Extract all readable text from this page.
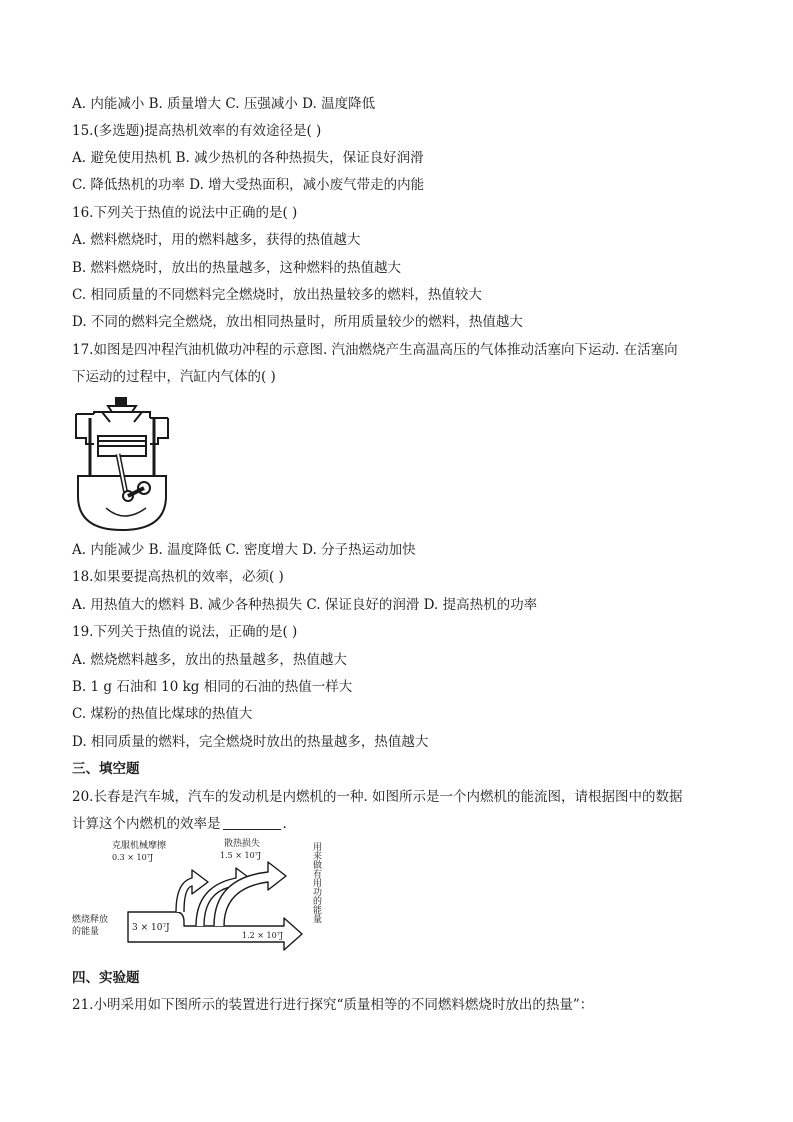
A. 内能减小 B. 质量增大 C. 压强减小 D. 温度降低
15.(多选题)提高热机效率的有效途径是( )
A. 避免使用热机 B. 减少热机的各种热损失，保证良好润滑
C. 降低热机的功率 D. 增大受热面积，减小废气带走的内能
16.下列关于热值的说法中正确的是( )
A. 燃料燃烧时，用的燃料越多，获得的热值越大
B. 燃料燃烧时，放出的热量越多，这种燃料的热值越大
C. 相同质量的不同燃料完全燃烧时，放出热量较多的燃料，热值较大
D. 不同的燃料完全燃烧，放出相同热量时，所用质量较少的燃料，热值越大
17.如图是四冲程汽油机做功冲程的示意图. 汽油燃烧产生高温高压的气体推动活塞向下运动. 在活塞向
下运动的过程中，汽缸内气体的( )
A. 内能减少 B. 温度降低 C. 密度增大 D. 分子热运动加快
18.如果要提高热机的效率，必须( )
A. 用热值大的燃料 B. 减少各种热损失 C. 保证良好的润滑 D. 提高热机的功率
19.下列关于热值的说法，正确的是( )
A. 燃烧燃料越多，放出的热量越多，热值越大
B. 1 g 石油和 10 kg 相同的石油的热值一样大
C. 煤粉的热值比煤球的热值大
D. 相同质量的燃料，完全燃烧时放出的热量越多，热值越大
三、填空题
20.长春是汽车城，汽车的发动机是内燃机的一种. 如图所示是一个内燃机的能流图，请根据图中的数据
计算这个内燃机的效率是	.
克服机械摩擦
0.3 × 10⁷J
散热损失
1.5 × 10⁷J	用来做有用功的能量
燃烧释放
的能量	3 × 10⁷J
1.2 × 10⁷J
四、实验题
21.小明采用如下图所示的装置进行进行探究“质量相等的不同燃料燃烧时放出的热量”：
